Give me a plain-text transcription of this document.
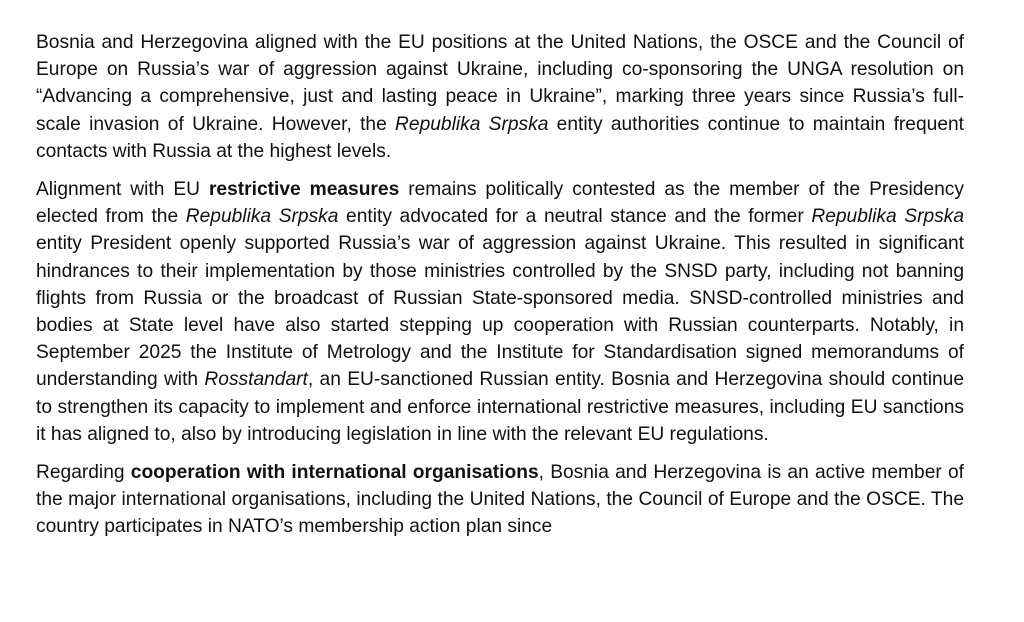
Bosnia and Herzegovina aligned with the EU positions at the United Nations, the OSCE and the Council of Europe on Russia’s war of aggression against Ukraine, including co-sponsoring the UNGA resolution on “Advancing a comprehensive, just and lasting peace in Ukraine”, marking three years since Russia’s full-scale invasion of Ukraine. However, the Republika Srpska entity authorities continue to maintain frequent contacts with Russia at the highest levels.

Alignment with EU restrictive measures remains politically contested as the member of the Presidency elected from the Republika Srpska entity advocated for a neutral stance and the former Republika Srpska entity President openly supported Russia’s war of aggression against Ukraine. This resulted in significant hindrances to their implementation by those ministries controlled by the SNSD party, including not banning flights from Russia or the broadcast of Russian State-sponsored media. SNSD-controlled ministries and bodies at State level have also started stepping up cooperation with Russian counterparts. Notably, in September 2025 the Institute of Metrology and the Institute for Standardisation signed memorandums of understanding with Rosstandart, an EU-sanctioned Russian entity. Bosnia and Herzegovina should continue to strengthen its capacity to implement and enforce international restrictive measures, including EU sanctions it has aligned to, also by introducing legislation in line with the relevant EU regulations.

Regarding cooperation with international organisations, Bosnia and Herzegovina is an active member of the major international organisations, including the United Nations, the Council of Europe and the OSCE. The country participates in NATO’s membership action plan since
